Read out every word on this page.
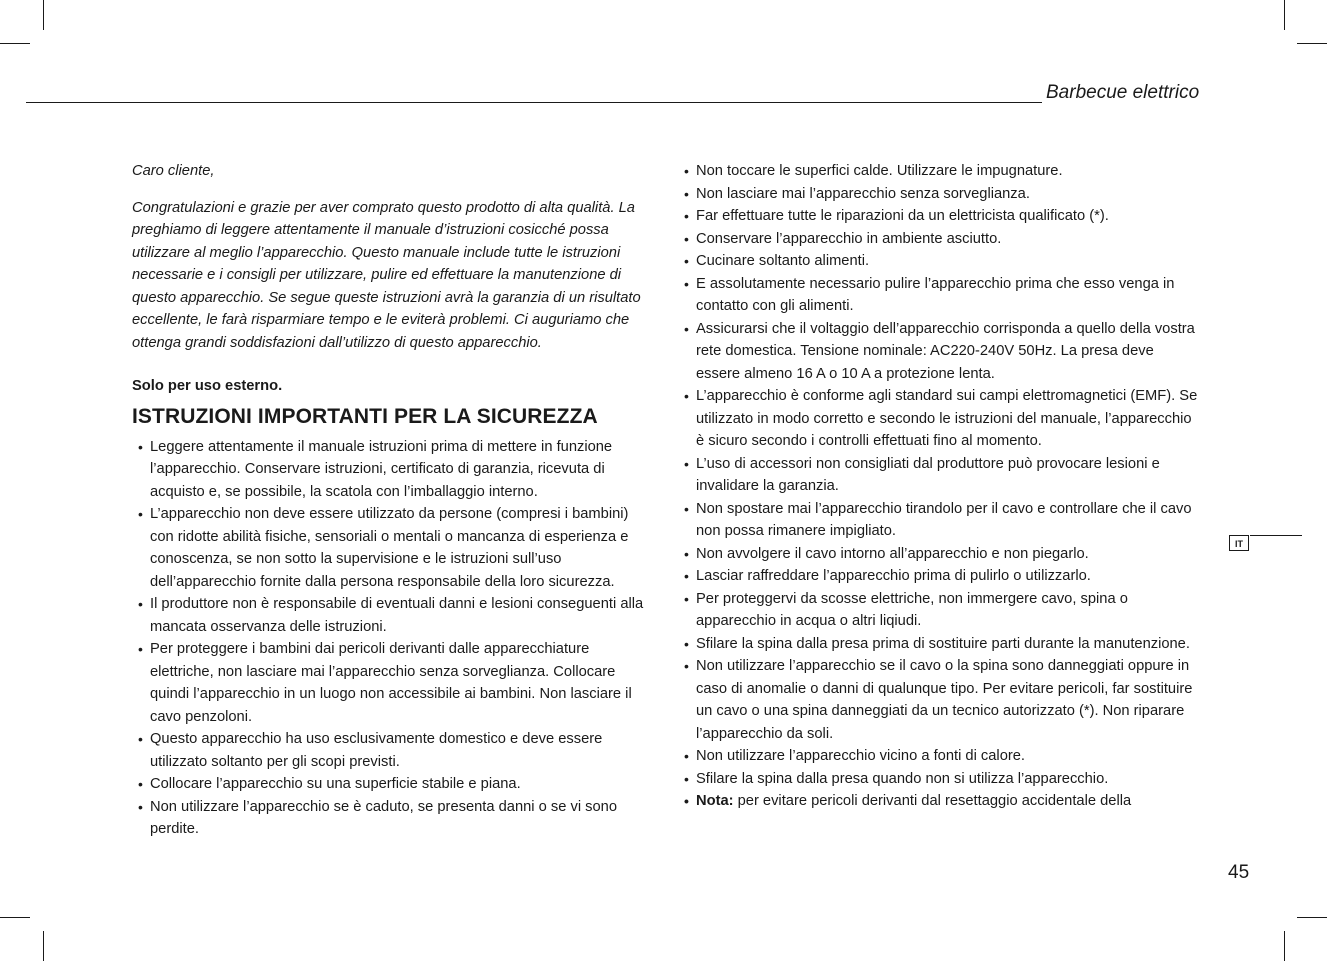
Barbecue elettrico

Caro cliente,

Congratulazioni e grazie per aver comprato questo prodotto di alta qualità. La preghiamo di leggere attentamente il manuale d’istruzioni cosicché possa utilizzare al meglio l’apparecchio. Questo manuale include tutte le istruzioni necessarie e i consigli per utilizzare, pulire ed effettuare la manutenzione di questo apparecchio. Se segue queste istruzioni avrà la garanzia di un risultato eccellente, le farà risparmiare tempo e le eviterà problemi. Ci auguriamo che ottenga grandi soddisfazioni dall’utilizzo di questo apparecchio.

Solo per uso esterno.

ISTRUZIONI IMPORTANTI PER LA SICUREZZA
• Leggere attentamente il manuale istruzioni prima di mettere in funzione l’apparecchio. Conservare istruzioni, certificato di garanzia, ricevuta di acquisto e, se possibile, la scatola con l’imballaggio interno.
• L’apparecchio non deve essere utilizzato da persone (compresi i bambini) con ridotte abilità fisiche, sensoriali o mentali o mancanza di esperienza e conoscenza, se non sotto la supervisione e le istruzioni sull’uso dell’apparecchio fornite dalla persona responsabile della loro sicurezza.
• Il produttore non è responsabile di eventuali danni e lesioni conseguenti alla mancata osservanza delle istruzioni.
• Per proteggere i bambini dai pericoli derivanti dalle apparecchiature elettriche, non lasciare mai l’apparecchio senza sorveglianza. Collocare quindi l’apparecchio in un luogo non accessibile ai bambini. Non lasciare il cavo penzoloni.
• Questo apparecchio ha uso esclusivamente domestico e deve essere utilizzato soltanto per gli scopi previsti.
• Collocare l’apparecchio su una superficie stabile e piana.
• Non utilizzare l’apparecchio se è caduto, se presenta danni o se vi sono perdite.
• Non toccare le superfici calde. Utilizzare le impugnature.
• Non lasciare mai l’apparecchio senza sorveglianza.
• Far effettuare tutte le riparazioni da un elettricista qualificato (*).
• Conservare l’apparecchio in ambiente asciutto.
• Cucinare soltanto alimenti.
• E assolutamente necessario pulire l’apparecchio prima che esso venga in contatto con gli alimenti.
• Assicurarsi che il voltaggio dell’apparecchio corrisponda a quello della vostra rete domestica. Tensione nominale: AC220-240V 50Hz. La presa deve essere almeno 16 A o 10 A a protezione lenta.
• L’apparecchio è conforme agli standard sui campi elettromagnetici (EMF). Se utilizzato in modo corretto e secondo le istruzioni del manuale, l’apparecchio è sicuro secondo i controlli effettuati fino al momento.
• L’uso di accessori non consigliati dal produttore può provocare lesioni e invalidare la garanzia.
• Non spostare mai l’apparecchio tirandolo per il cavo e controllare che il cavo non possa rimanere impigliato.
• Non avvolgere il cavo intorno all’apparecchio e non piegarlo.
• Lasciar raffreddare l’apparecchio prima di pulirlo o utilizzarlo.
• Per proteggervi da scosse elettriche, non immergere cavo, spina o apparecchio in acqua o altri liqiudi.
• Sfilare la spina dalla presa prima di sostituire parti durante la manutenzione.
• Non utilizzare l’apparecchio se il cavo o la spina sono danneggiati oppure in caso di anomalie o danni di qualunque tipo. Per evitare pericoli, far sostituire un cavo o una spina danneggiati da un tecnico autorizzato (*). Non riparare l’apparecchio da soli.
• Non utilizzare l’apparecchio vicino a fonti di calore.
• Sfilare la spina dalla presa quando non si utilizza l’apparecchio.
• Nota: per evitare pericoli derivanti dal resettaggio accidentale della
IT
45
